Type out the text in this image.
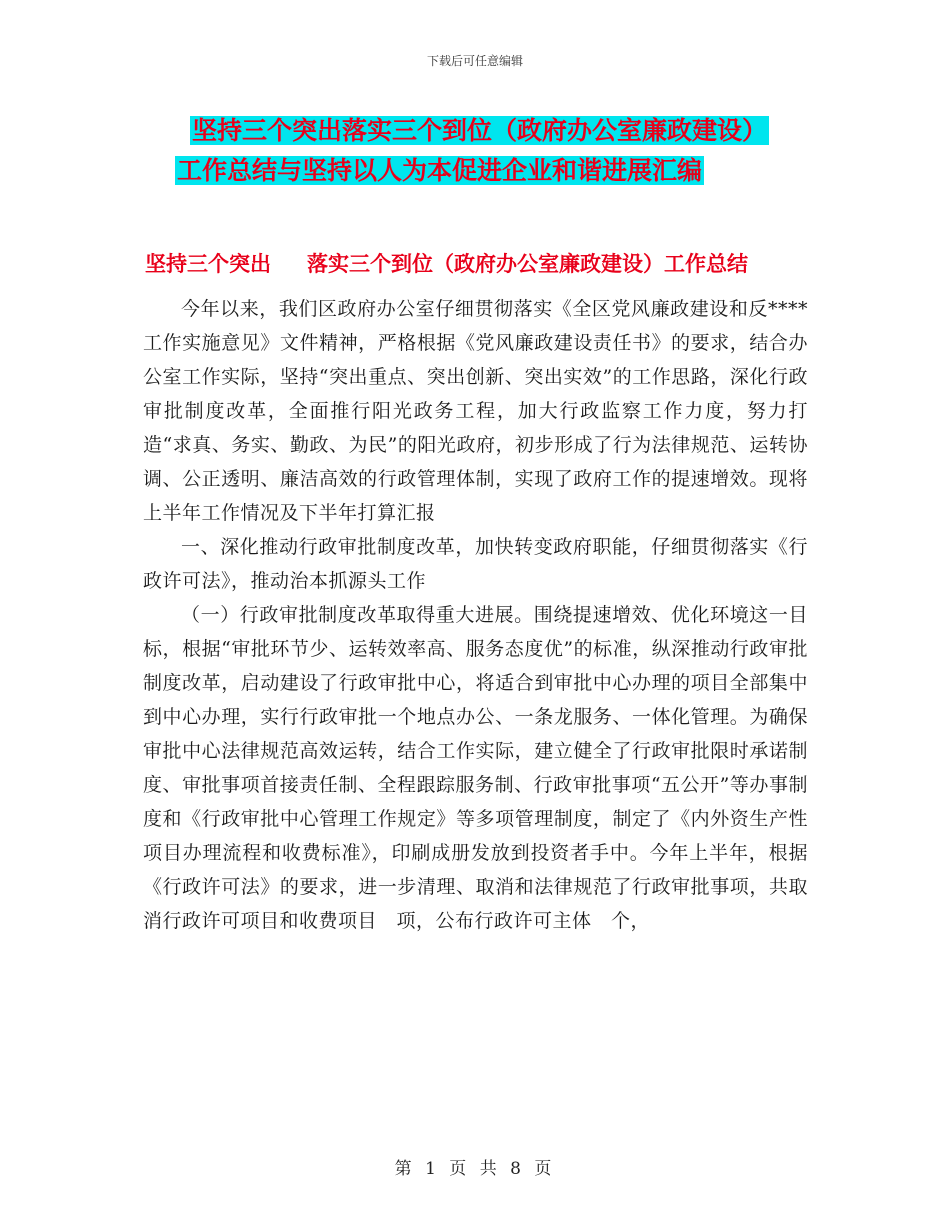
下载后可任意编辑
坚持三个突出落实三个到位（政府办公室廉政建设）
工作总结与坚持以人为本促进企业和谐进展汇编
坚持三个突出 落实三个到位（政府办公室廉政建设）工作总结

今年以来，我们区政府办公室仔细贯彻落实《全区党风廉政建设和反****工作实施意见》文件精神，严格根据《党风廉政建设责任书》的要求，结合办公室工作实际，坚持“突出重点、突出创新、突出实效”的工作思路，深化行政审批制度改革，全面推行阳光政务工程，加大行政监察工作力度，努力打造“求真、务实、勤政、为民”的阳光政府，初步形成了行为法律规范、运转协调、公正透明、廉洁高效的行政管理体制，实现了政府工作的提速增效。现将上半年工作情况及下半年打算汇报

一、深化推动行政审批制度改革，加快转变政府职能，仔细贯彻落实《行政许可法》，推动治本抓源头工作

（一）行政审批制度改革取得重大进展。围绕提速增效、优化环境这一目标，根据“审批环节少、运转效率高、服务态度优”的标准，纵深推动行政审批制度改革，启动建设了行政审批中心，将适合到审批中心办理的项目全部集中到中心办理，实行行政审批一个地点办公、一条龙服务、一体化管理。为确保审批中心法律规范高效运转，结合工作实际，建立健全了行政审批限时承诺制度、审批事项首接责任制、全程跟踪服务制、行政审批事项“五公开”等办事制度和《行政审批中心管理工作规定》等多项管理制度，制定了《内外资生产性项目办理流程和收费标准》，印刷成册发放到投资者手中。今年上半年，根据《行政许可法》的要求，进一步清理、取消和法律规范了行政审批事项，共取消行政许可项目和收费项目　项，公布行政许可主体　个，

第 1 页 共 8 页
